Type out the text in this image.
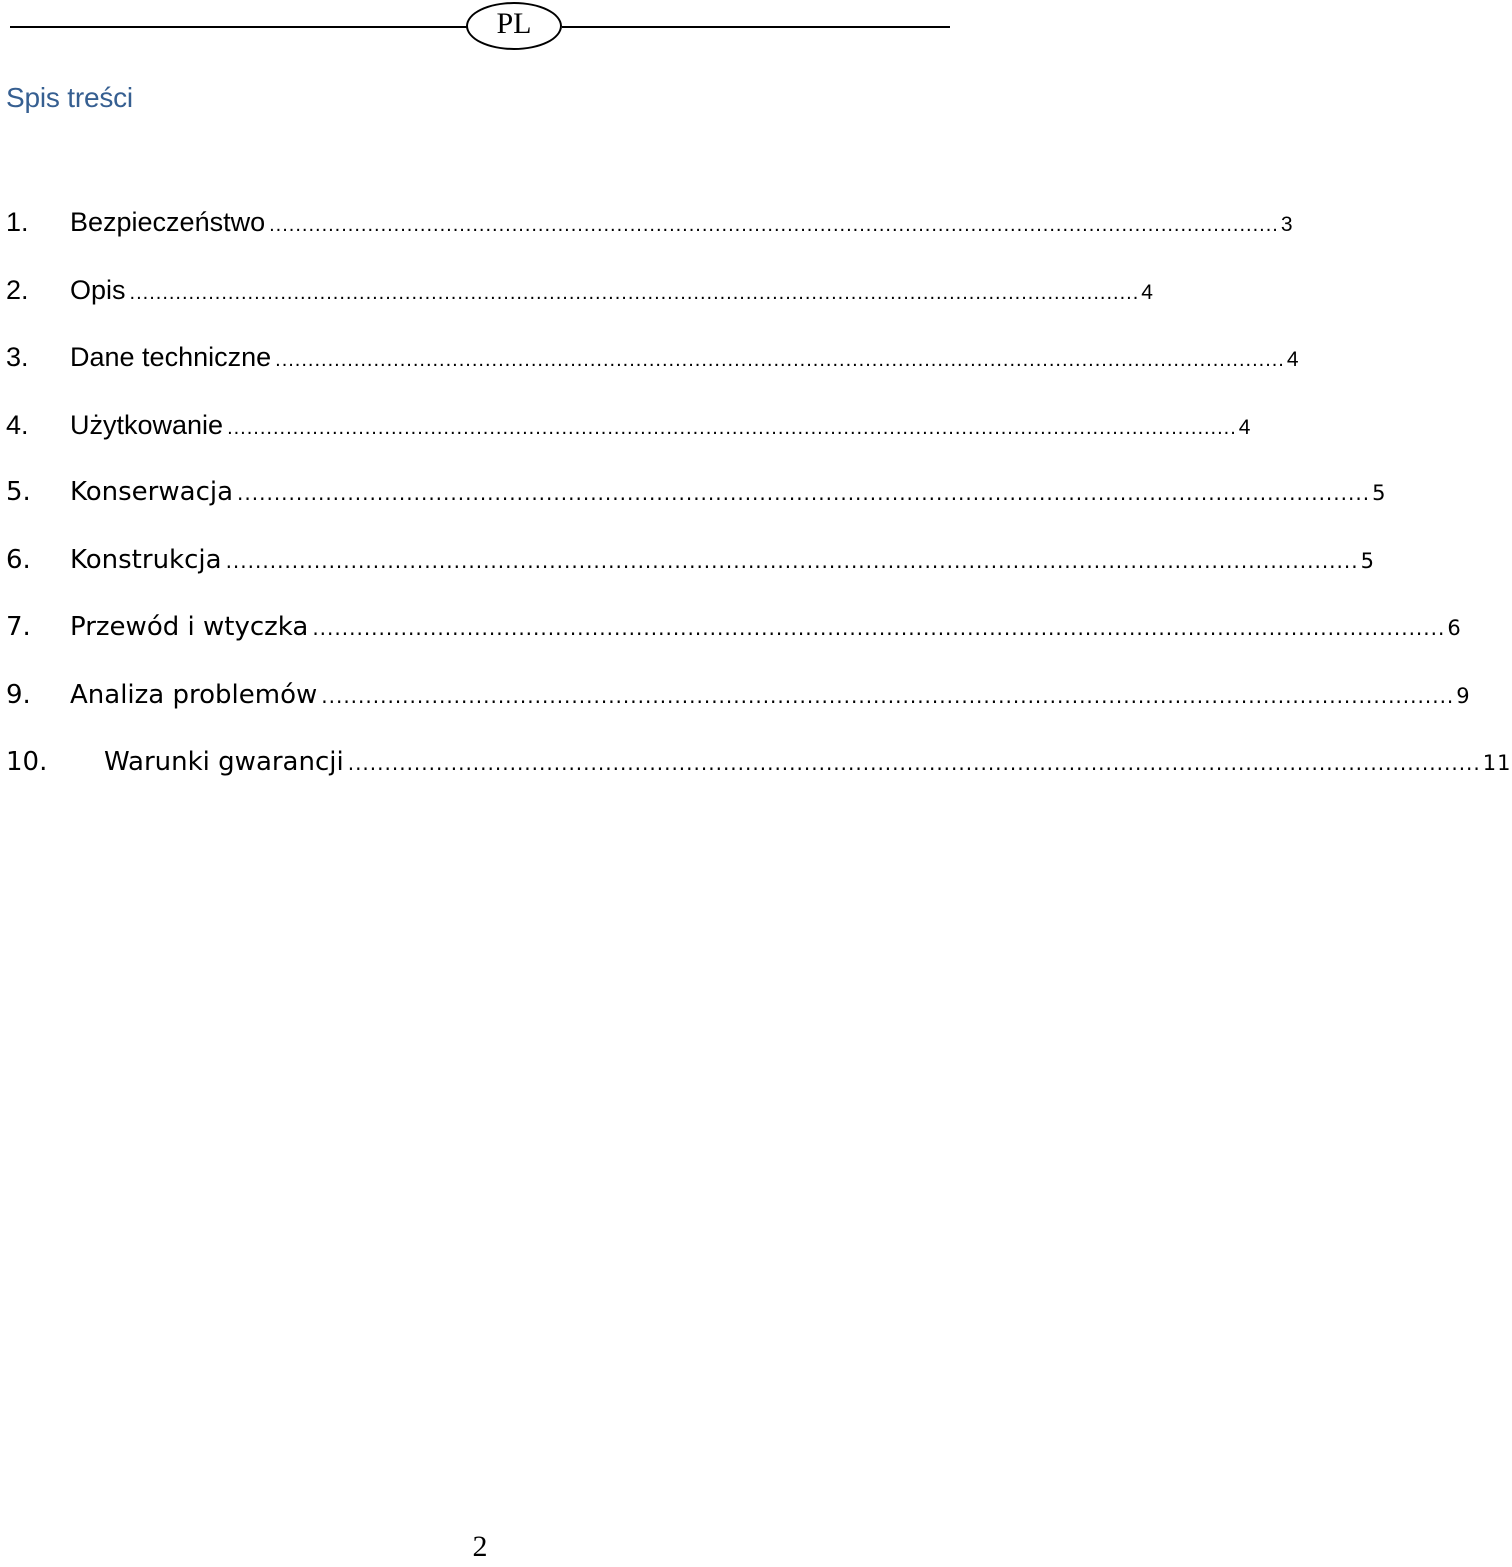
PL
Spis treści
1.	Bezpieczeństwo .......................................................................................................................................................... 3
2.	Opis .......................................................................................................................................................... 4
3.	Dane techniczne .......................................................................................................................................................... 4
4.	Użytkowanie .......................................................................................................................................................... 4
5.	Konserwacja .......................................................................................................................................................... 5
6.	Konstrukcja .......................................................................................................................................................... 5
7.	Przewód i wtyczka .......................................................................................................................................................... 6
9.	Analiza problemów .......................................................................................................................................................... 9
10.	Warunki gwarancji .......................................................................................................................................................... 11
2
